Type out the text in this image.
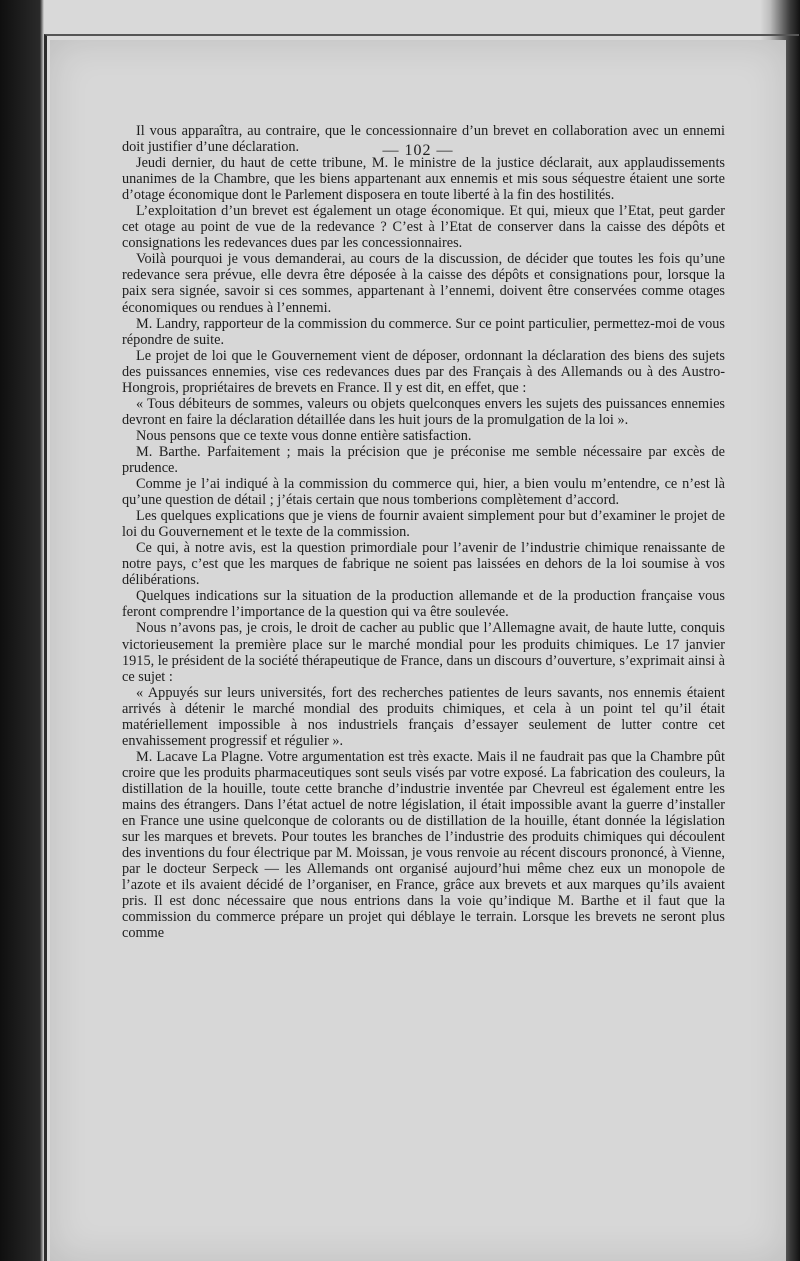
— 102 —

Il vous apparaîtra, au contraire, que le concessionnaire d’un brevet en collaboration avec un ennemi doit justifier d’une déclaration.

Jeudi dernier, du haut de cette tribune, M. le ministre de la justice déclarait, aux applaudissements unanimes de la Chambre, que les biens appartenant aux ennemis et mis sous séquestre étaient une sorte d’otage économique dont le Parlement disposera en toute liberté à la fin des hostilités.

L’exploitation d’un brevet est également un otage économique. Et qui, mieux que l’Etat, peut garder cet otage au point de vue de la redevance ? C’est à l’Etat de conserver dans la caisse des dépôts et consignations les redevances dues par les concessionnaires.

Voilà pourquoi je vous demanderai, au cours de la discussion, de décider que toutes les fois qu’une redevance sera prévue, elle devra être déposée à la caisse des dépôts et consignations pour, lorsque la paix sera signée, savoir si ces sommes, appartenant à l’ennemi, doivent être conservées comme otages économiques ou rendues à l’ennemi.

M. Landry, rapporteur de la commission du commerce. Sur ce point particulier, permettez-moi de vous répondre de suite.

Le projet de loi que le Gouvernement vient de déposer, ordonnant la déclaration des biens des sujets des puissances ennemies, vise ces redevances dues par des Français à des Allemands ou à des Austro-Hongrois, propriétaires de brevets en France. Il y est dit, en effet, que :

« Tous débiteurs de sommes, valeurs ou objets quelconques envers les sujets des puissances ennemies devront en faire la déclaration détaillée dans les huit jours de la promulgation de la loi ».

Nous pensons que ce texte vous donne entière satisfaction.

M. Barthe. Parfaitement ; mais la précision que je préconise me semble nécessaire par excès de prudence.

Comme je l’ai indiqué à la commission du commerce qui, hier, a bien voulu m’entendre, ce n’est là qu’une question de détail ; j’étais certain que nous tomberions complètement d’accord.

Les quelques explications que je viens de fournir avaient simplement pour but d’examiner le projet de loi du Gouvernement et le texte de la commission.

Ce qui, à notre avis, est la question primordiale pour l’avenir de l’industrie chimique renaissante de notre pays, c’est que les marques de fabrique ne soient pas laissées en dehors de la loi soumise à vos délibérations.

Quelques indications sur la situation de la production allemande et de la production française vous feront comprendre l’importance de la question qui va être soulevée.

Nous n’avons pas, je crois, le droit de cacher au public que l’Allemagne avait, de haute lutte, conquis victorieusement la première place sur le marché mondial pour les produits chimiques. Le 17 janvier 1915, le président de la société thérapeutique de France, dans un discours d’ouverture, s’exprimait ainsi à ce sujet :

« Appuyés sur leurs universités, fort des recherches patientes de leurs savants, nos ennemis étaient arrivés à détenir le marché mondial des produits chimiques, et cela à un point tel qu’il était matériellement impossible à nos industriels français d’essayer seulement de lutter contre cet envahissement progressif et régulier ».

M. Lacave La Plagne. Votre argumentation est très exacte. Mais il ne faudrait pas que la Chambre pût croire que les produits pharmaceutiques sont seuls visés par votre exposé. La fabrication des couleurs, la distillation de la houille, toute cette branche d’industrie inventée par Chevreul est également entre les mains des étrangers. Dans l’état actuel de notre législation, il était impossible avant la guerre d’installer en France une usine quelconque de colorants ou de distillation de la houille, étant donnée la législation sur les marques et brevets. Pour toutes les branches de l’industrie des produits chimiques qui découlent des inventions du four électrique par M. Moissan, je vous renvoie au récent discours prononcé, à Vienne, par le docteur Serpeck — les Allemands ont organisé aujourd’hui même chez eux un monopole de l’azote et ils avaient décidé de l’organiser, en France, grâce aux brevets et aux marques qu’ils avaient pris. Il est donc nécessaire que nous entrions dans la voie qu’indique M. Barthe et il faut que la commission du commerce prépare un projet qui déblaye le terrain. Lorsque les brevets ne seront plus comme
